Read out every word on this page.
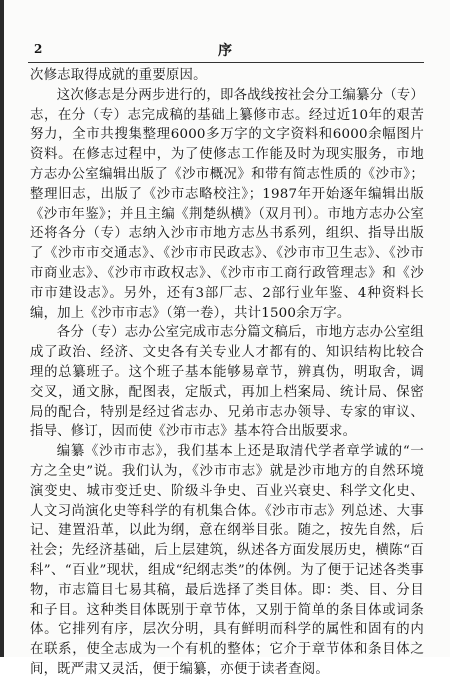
2	序

次修志取得成就的重要原因。

这次修志是分两步进行的，即各战线按社会分工编纂分（专）志，在分（专）志完成稿的基础上纂修市志。经过近10年的艰苦努力，全市共搜集整理6000多万字的文字资料和6000余幅图片资料。在修志过程中，为了使修志工作能及时为现实服务，市地方志办公室编辑出版了《沙市概况》和带有简志性质的《沙市》；整理旧志，出版了《沙市志略校注》；1987年开始逐年编辑出版《沙市年鉴》；并且主编《荆楚纵横》（双月刊）。市地方志办公室还将各分（专）志纳入沙市市地方志丛书系列，组织、指导出版了《沙市市交通志》、《沙市市民政志》、《沙市市卫生志》、《沙市市商业志》、《沙市市政权志》、《沙市市工商行政管理志》和《沙市市建设志》。另外，还有3部厂志、2部行业年鉴、4种资料长编，加上《沙市市志》（第一卷），共计1500余万字。

各分（专）志办公室完成市志分篇文稿后，市地方志办公室组成了政治、经济、文史各有关专业人才都有的、知识结构比较合理的总纂班子。这个班子基本能够易章节，辨真伪，明取舍，调交叉，通文脉，配图表，定版式，再加上档案局、统计局、保密局的配合，特别是经过省志办、兄弟市志办领导、专家的审议、指导、修订，因而使《沙市市志》基本符合出版要求。

编纂《沙市市志》，我们基本上还是取清代学者章学诚的“一方之全史”说。我们认为，《沙市市志》就是沙市地方的自然环境演变史、城市变迁史、阶级斗争史、百业兴衰史、科学文化史、人文习尚演化史等科学的有机集合体。《沙市市志》列总述、大事记、建置沿革，以此为纲，意在纲举目张。随之，按先自然，后社会；先经济基础，后上层建筑，纵述各方面发展历史，横陈“百科”、“百业”现状，组成“纪纲志类”的体例。为了便于记述各类事物，市志篇目七易其稿，最后选择了类目体。即：类、目、分目和子目。这种类目体既别于章节体，又别于简单的条目体或词条体。它排列有序，层次分明，具有鲜明而科学的属性和固有的内在联系，使全志成为一个有机的整体；它介于章节体和条目体之间，既严肃又灵活，便于编纂，亦便于读者查阅。
